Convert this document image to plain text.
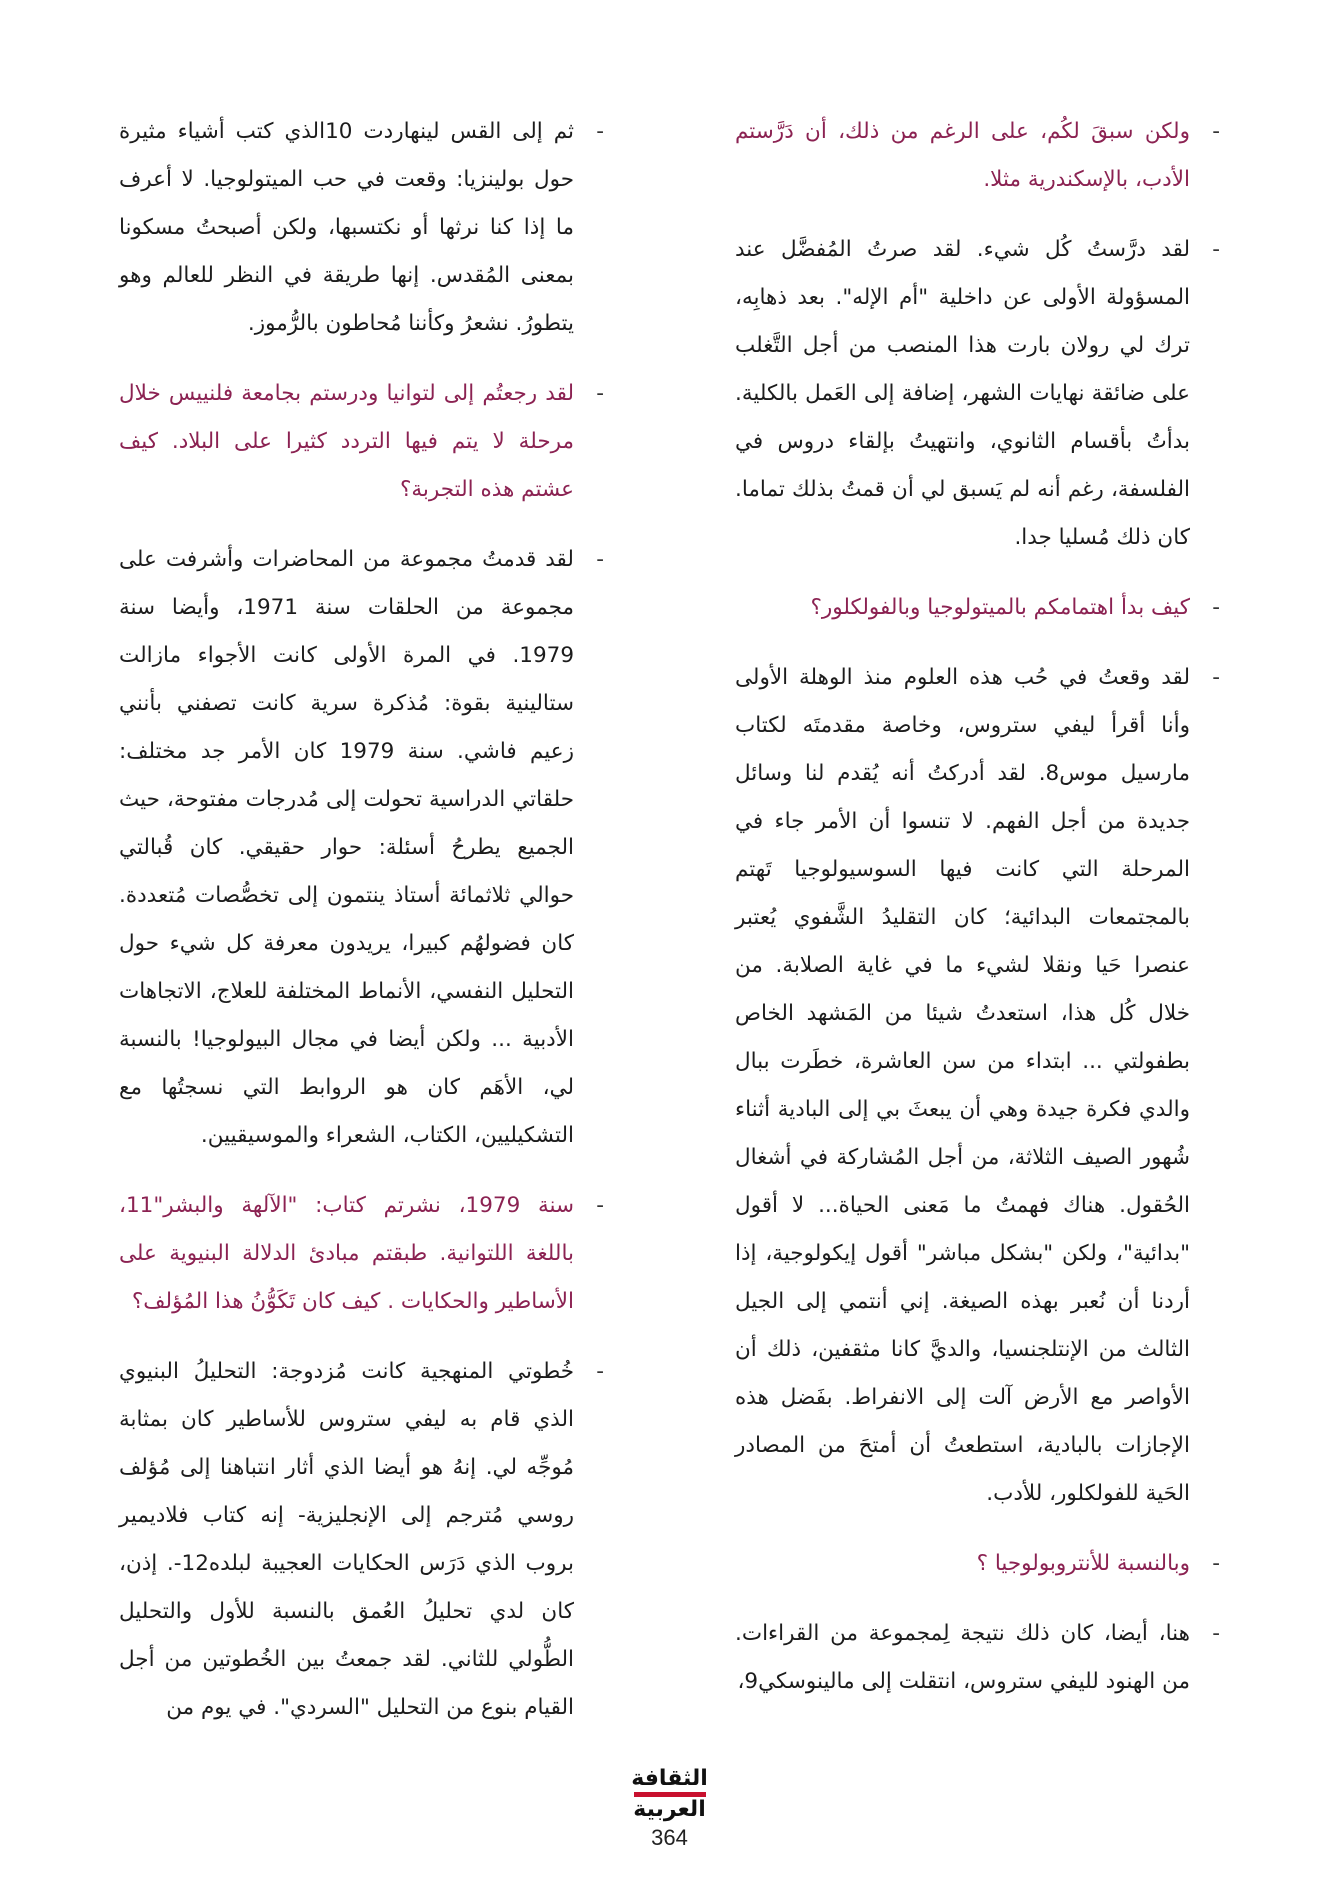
- ولكن سبقَ لكُم، على الرغم من ذلك، أن دَرَّستم الأدب، بالإسكندرية مثلا.

- لقد درَّستُ كُل شيء. لقد صرتُ المُفضَّل عند المسؤولة الأولى عن داخلية "أم الإله". بعد ذهابِه، ترك لي رولان بارت هذا المنصب من أجل التَّغلب على ضائقة نهايات الشهر، إضافة إلى العَمل بالكلية. بدأتُ بأقسام الثانوي، وانتهيتُ بإلقاء دروس في الفلسفة، رغم أنه لم يَسبق لي أن قمتُ بذلك تماما. كان ذلك مُسليا جدا.

- كيف بدأ اهتمامكم بالميتولوجيا وبالفولكلور؟

- لقد وقعتُ في حُب هذه العلوم منذ الوهلة الأولى وأنا أقرأ ليفي ستروس، وخاصة مقدمتَه لكتاب مارسيل موس8. لقد أدركتُ أنه يُقدم لنا وسائل جديدة من أجل الفهم. لا تنسوا أن الأمر جاء في المرحلة التي كانت فيها السوسيولوجيا تَهتم بالمجتمعات البدائية؛ كان التقليدُ الشَّفوي يُعتبر عنصرا حَيا ونقلا لشيء ما في غاية الصلابة. من خلال كُل هذا، استعدتُ شيئا من المَشهد الخاص بطفولتي ... ابتداء من سن العاشرة، خطَرت ببال والدي فكرة جيدة وهي أن يبعثَ بي إلى البادية أثناء شُهور الصيف الثلاثة، من أجل المُشاركة في أشغال الحُقول. هناك فهمتُ ما مَعنى الحياة... لا أقول "بدائية"، ولكن "بشكل مباشر" أقول إيكولوجية، إذا أردنا أن نُعبر بهذه الصيغة. إني أنتمي إلى الجيل الثالث من الإنتلجنسيا، والديَّ كانا مثقفين، ذلك أن الأواصر مع الأرض آلت إلى الانفراط. بفَضل هذه الإجازات بالبادية، استطعتُ أن أمتحَ من المصادر الحَية للفولكلور، للأدب.

- وبالنسبة للأنتروبولوجيا ؟

- هنا، أيضا، كان ذلك نتيجة لِمجموعة من القراءات. من الهنود لليفي ستروس، انتقلت إلى مالينوسكي9،

- ثم إلى القس لينهاردت 10الذي كتب أشياء مثيرة حول بولينزيا: وقعت في حب الميتولوجيا. لا أعرف ما إذا كنا نرثها أو نكتسبها، ولكن أصبحتُ مسكونا بمعنى المُقدس. إنها طريقة في النظر للعالم وهو يتطورُ. نشعرُ وكأننا مُحاطون بالرُّموز.

- لقد رجعتُم إلى لتوانيا ودرستم بجامعة فلنييس خلال مرحلة لا يتم فيها التردد كثيرا على البلاد. كيف عشتم هذه التجربة؟

- لقد قدمتُ مجموعة من المحاضرات وأشرفت على مجموعة من الحلقات سنة 1971، وأيضا سنة 1979. في المرة الأولى كانت الأجواء مازالت ستالينية بقوة: مُذكرة سرية كانت تصفني بأنني زعيم فاشي. سنة 1979 كان الأمر جد مختلف: حلقاتي الدراسية تحولت إلى مُدرجات مفتوحة، حيث الجميع يطرحُ أسئلة: حوار حقيقي. كان قُبالتي حوالي ثلاثمائة أستاذ ينتمون إلى تخصُّصات مُتعددة. كان فضولهُم كبيرا، يريدون معرفة كل شيء حول التحليل النفسي، الأنماط المختلفة للعلاج، الاتجاهات الأدبية ... ولكن أيضا في مجال البيولوجيا! بالنسبة لي، الأهَم كان هو الروابط التي نسجتُها مع التشكيليين، الكتاب، الشعراء والموسيقيين.

- سنة 1979، نشرتم كتاب: "الآلهة والبشر"11، باللغة اللتوانية. طبقتم مبادئ الدلالة البنيوية على الأساطير والحكايات . كيف كان تَكَوُّنُ هذا المُؤلف؟

- خُطوتي المنهجية كانت مُزدوجة: التحليلُ البنيوي الذي قام به ليفي ستروس للأساطير كان بمثابة مُوجِّه لي. إنهُ هو أيضا الذي أثار انتباهنا إلى مُؤلف روسي مُترجم إلى الإنجليزية- إنه كتاب فلاديمير بروب الذي دَرَس الحكايات العجيبة لبلده12-. إذن، كان لدي تحليلُ العُمق بالنسبة للأول والتحليل الطُّولي للثاني. لقد جمعتُ بين الخُطوتين من أجل القيام بنوع من التحليل "السردي". في يوم من

الثقافة
العربية
364
